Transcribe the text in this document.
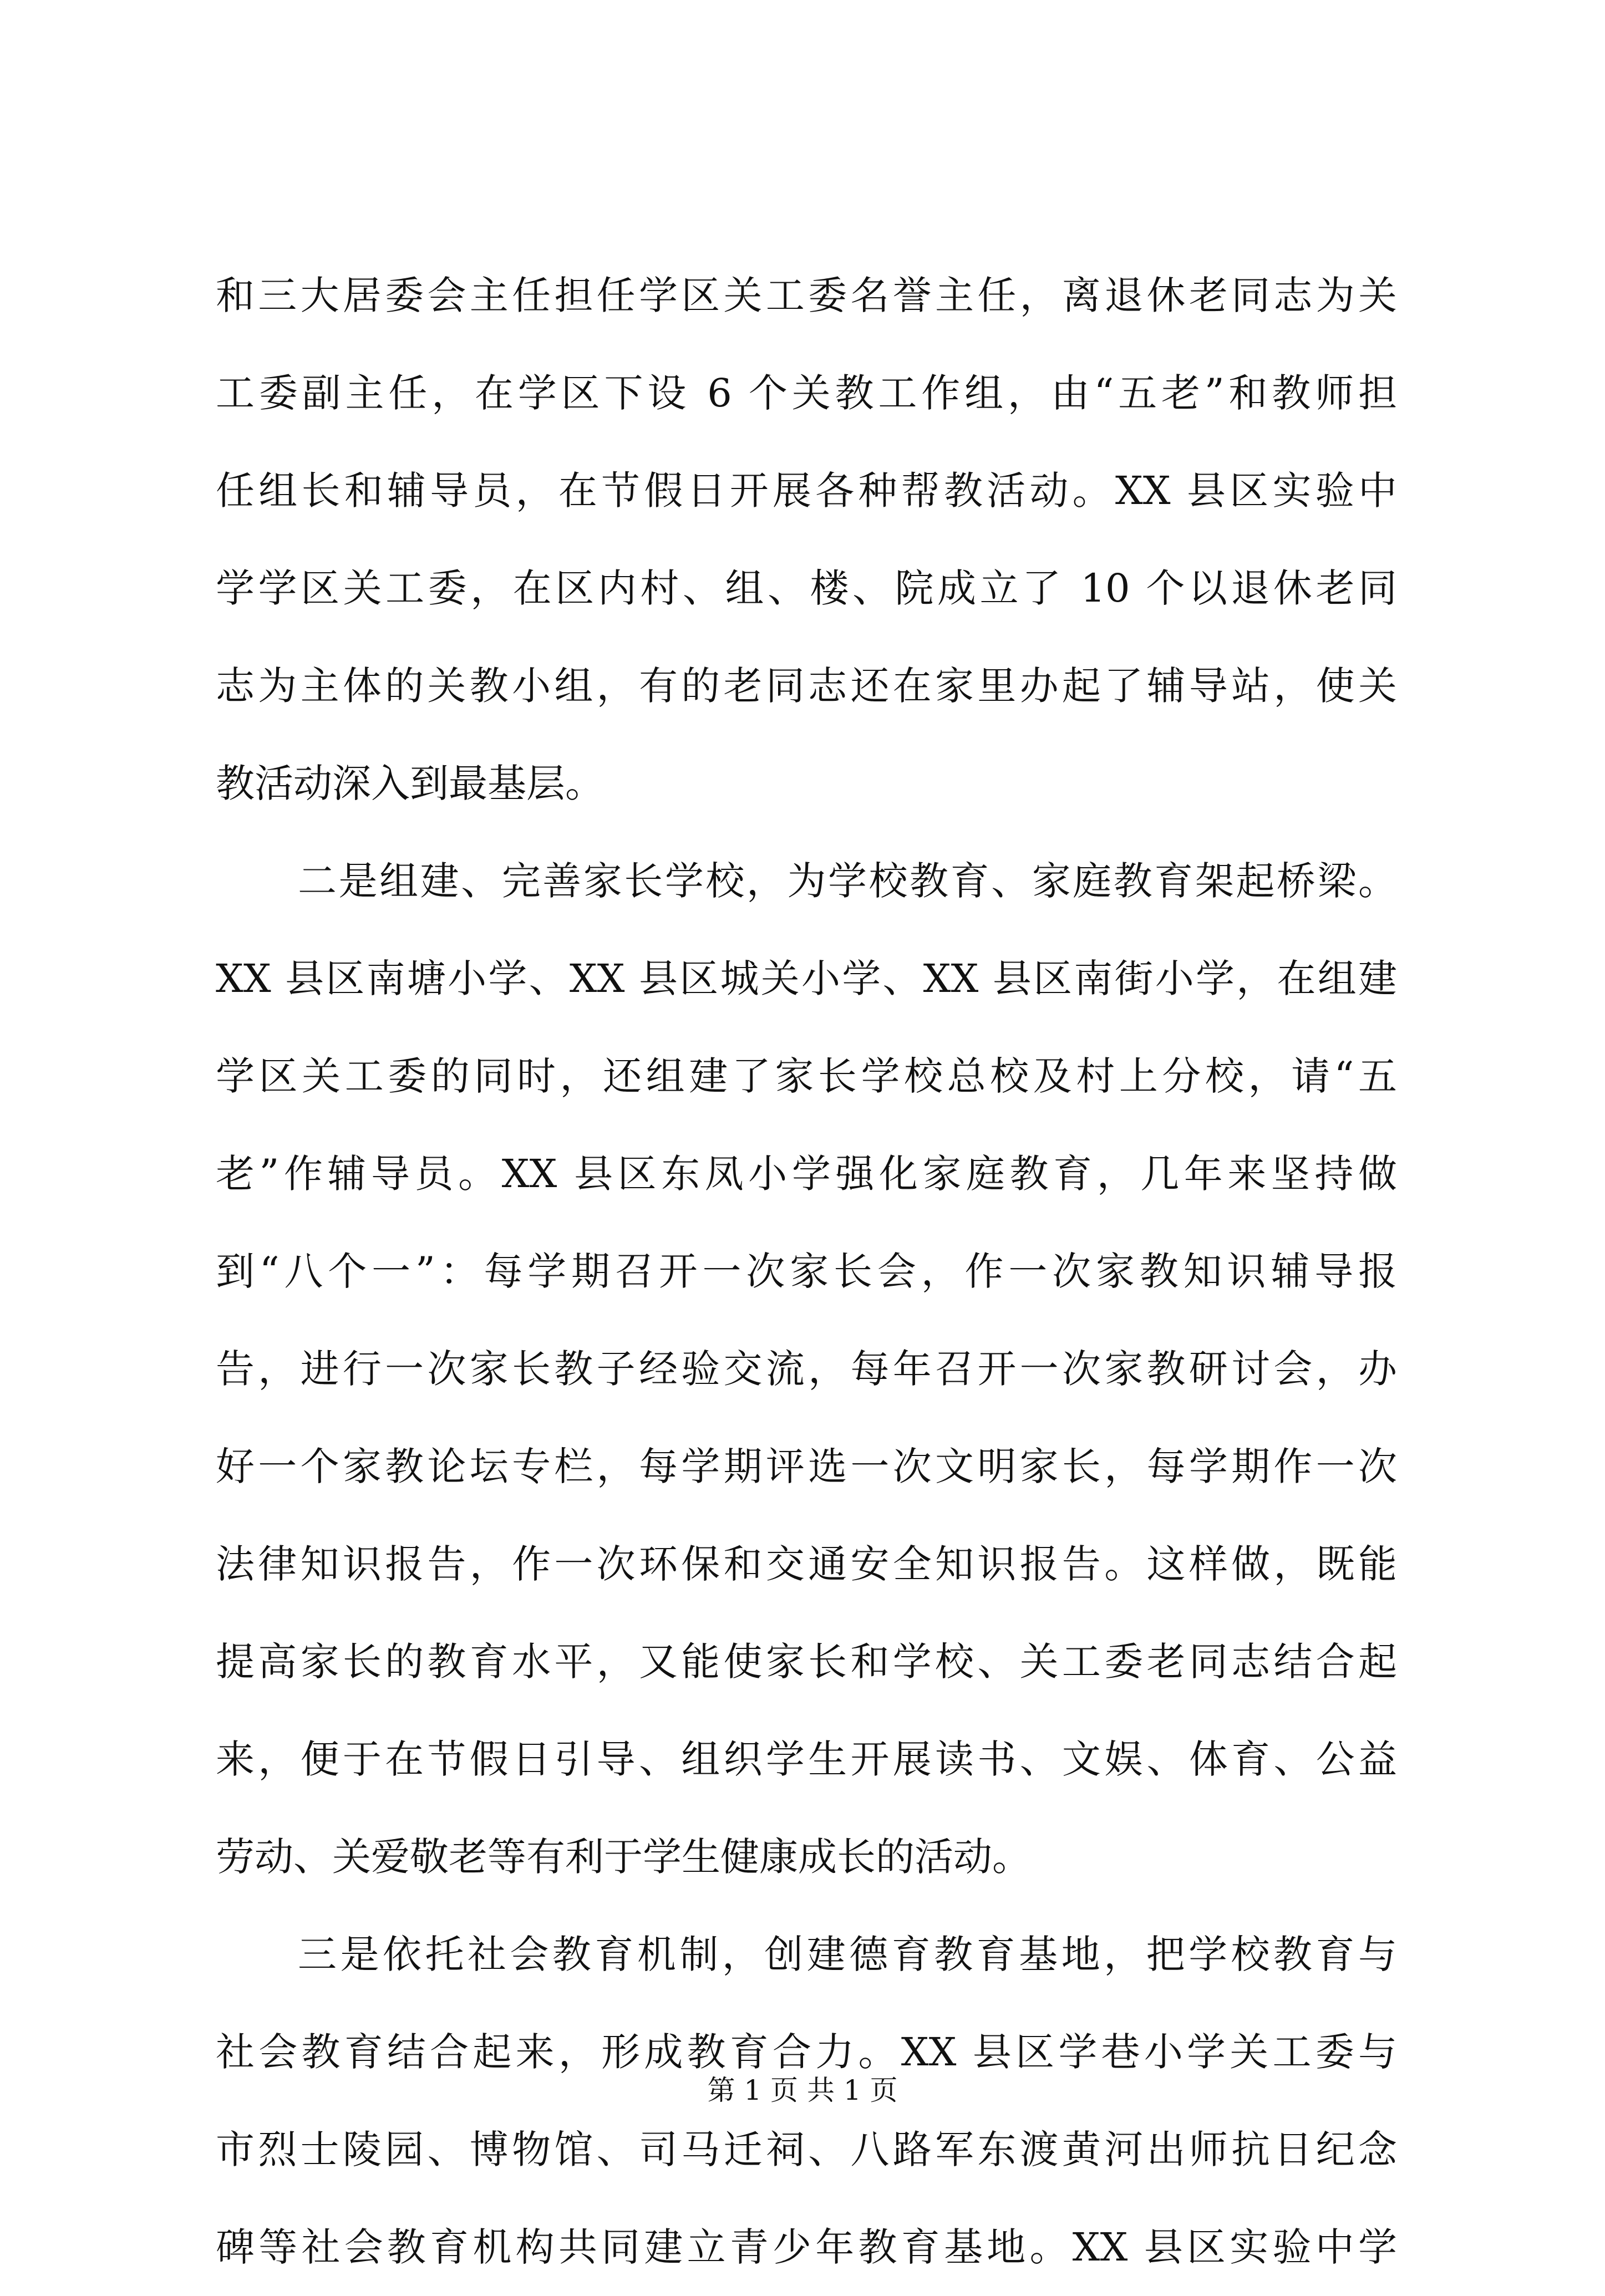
和三大居委会主任担任学区关工委名誉主任，离退休老同志为关
工委副主任，在学区下设 6 个关教工作组，由“五老”和教师担
任组长和辅导员，在节假日开展各种帮教活动。XX 县区实验中
学学区关工委，在区内村、组、楼、院成立了 10 个以退休老同
志为主体的关教小组，有的老同志还在家里办起了辅导站，使关
教活动深入到最基层。
二是组建、完善家长学校，为学校教育、家庭教育架起桥梁。
XX 县区南塘小学、XX 县区城关小学、XX 县区南街小学，在组建
学区关工委的同时，还组建了家长学校总校及村上分校，请“五
老”作辅导员。XX 县区东凤小学强化家庭教育，几年来坚持做
到“八个一”：每学期召开一次家长会，作一次家教知识辅导报
告，进行一次家长教子经验交流，每年召开一次家教研讨会，办
好一个家教论坛专栏，每学期评选一次文明家长，每学期作一次
法律知识报告，作一次环保和交通安全知识报告。这样做，既能
提高家长的教育水平，又能使家长和学校、关工委老同志结合起
来，便于在节假日引导、组织学生开展读书、文娱、体育、公益
劳动、关爱敬老等有利于学生健康成长的活动。
三是依托社会教育机制，创建德育教育基地，把学校教育与
社会教育结合起来，形成教育合力。XX 县区学巷小学关工委与
市烈士陵园、博物馆、司马迁祠、八路军东渡黄河出师抗日纪念
碑等社会教育机构共同建立青少年教育基地。XX 县区实验中学
第 1 页 共 1 页
